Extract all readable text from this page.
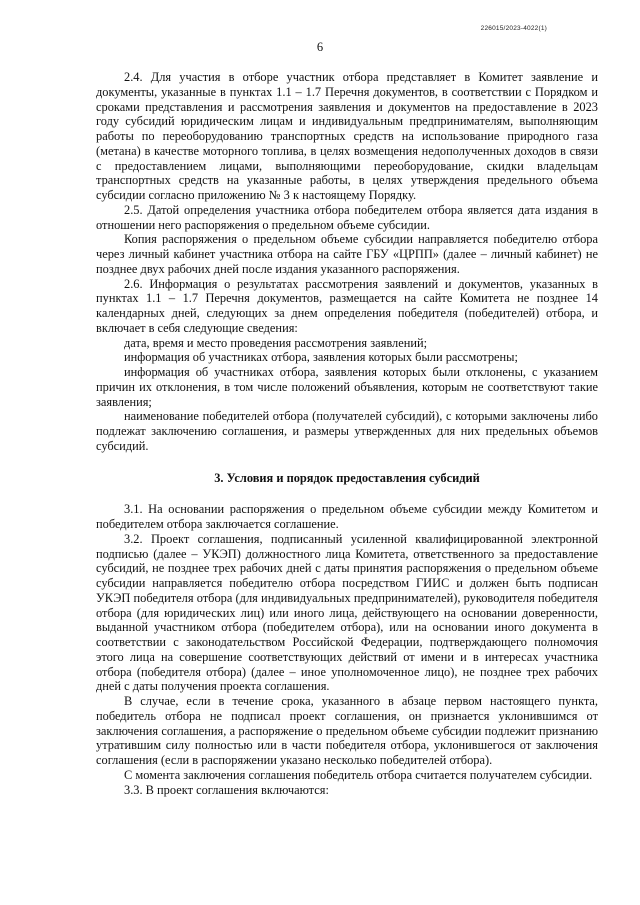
226015/2023-4022(1)
6

2.4. Для участия в отборе участник отбора представляет в Комитет заявление и документы, указанные в пунктах 1.1 – 1.7 Перечня документов, в соответствии с Порядком и сроками представления и рассмотрения заявления и документов на предоставление в 2023 году субсидий юридическим лицам и индивидуальным предпринимателям, выполняющим работы по переоборудованию транспортных средств на использование природного газа (метана) в качестве моторного топлива, в целях возмещения недополученных доходов в связи с предоставлением лицами, выполняющими переоборудование, скидки владельцам транспортных средств на указанные работы, в целях утверждения предельного объема субсидии согласно приложению № 3 к настоящему Порядку.

2.5. Датой определения участника отбора победителем отбора является дата издания в отношении него распоряжения о предельном объеме субсидии.

Копия распоряжения о предельном объеме субсидии направляется победителю отбора через личный кабинет участника отбора на сайте ГБУ «ЦРПП» (далее – личный кабинет) не позднее двух рабочих дней после издания указанного распоряжения.

2.6. Информация о результатах рассмотрения заявлений и документов, указанных в пунктах 1.1 – 1.7 Перечня документов, размещается на сайте Комитета не позднее 14 календарных дней, следующих за днем определения победителя (победителей) отбора, и включает в себя следующие сведения:

дата, время и место проведения рассмотрения заявлений;

информация об участниках отбора, заявления которых были рассмотрены;

информация об участниках отбора, заявления которых были отклонены, с указанием причин их отклонения, в том числе положений объявления, которым не соответствуют такие заявления;

наименование победителей отбора (получателей субсидий), с которыми заключены либо подлежат заключению соглашения, и размеры утвержденных для них предельных объемов субсидий.

3. Условия и порядок предоставления субсидий

3.1. На основании распоряжения о предельном объеме субсидии между Комитетом и победителем отбора заключается соглашение.

3.2. Проект соглашения, подписанный усиленной квалифицированной электронной подписью (далее – УКЭП) должностного лица Комитета, ответственного за предоставление субсидий, не позднее трех рабочих дней с даты принятия распоряжения о предельном объеме субсидии направляется победителю отбора посредством ГИИС и должен быть подписан УКЭП победителя отбора (для индивидуальных предпринимателей), руководителя победителя отбора (для юридических лиц) или иного лица, действующего на основании доверенности, выданной участником отбора (победителем отбора), или на основании иного документа в соответствии с законодательством Российской Федерации, подтверждающего полномочия этого лица на совершение соответствующих действий от имени и в интересах участника отбора (победителя отбора) (далее – иное уполномоченное лицо), не позднее трех рабочих дней с даты получения проекта соглашения.

В случае, если в течение срока, указанного в абзаце первом настоящего пункта, победитель отбора не подписал проект соглашения, он признается уклонившимся от заключения соглашения, а распоряжение о предельном объеме субсидии подлежит признанию утратившим силу полностью или в части победителя отбора, уклонившегося от заключения соглашения (если в распоряжении указано несколько победителей отбора).

С момента заключения соглашения победитель отбора считается получателем субсидии.

3.3. В проект соглашения включаются:
